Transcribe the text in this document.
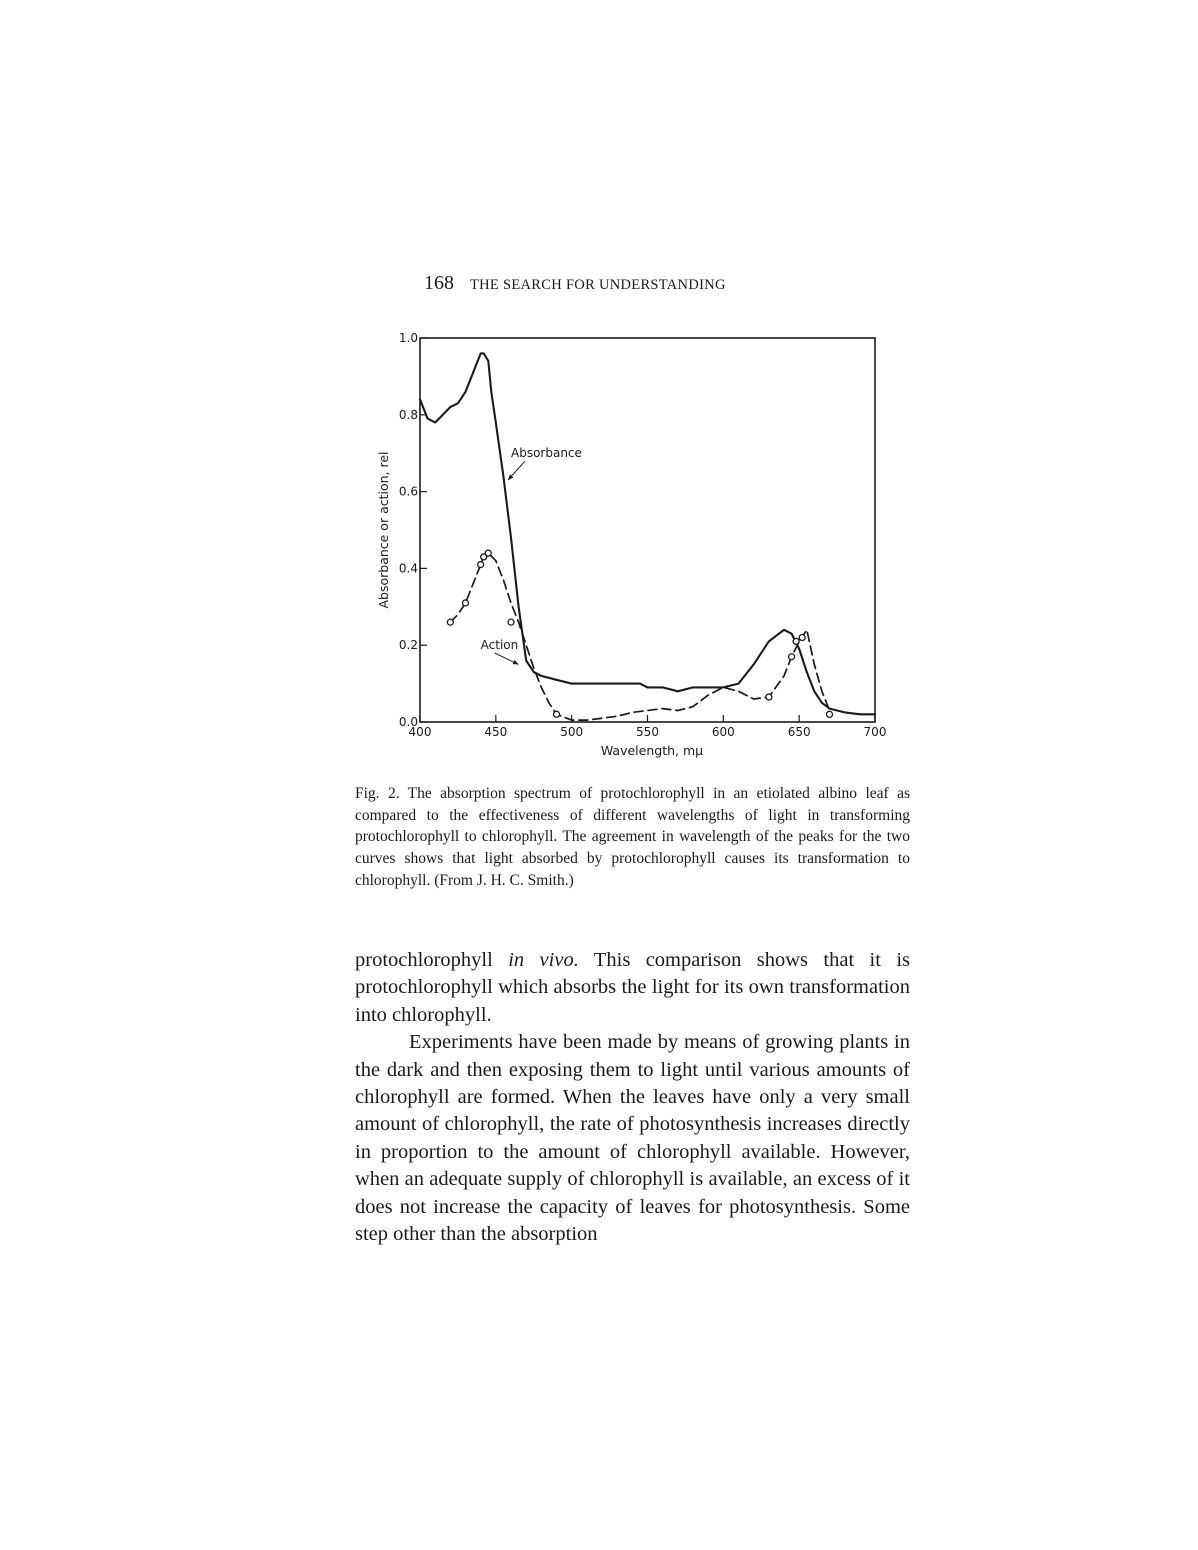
168 THE SEARCH FOR UNDERSTANDING
400	450	500	550	600	650	700
0.0
0.2
0.4
0.6
0.8
1.0
Absorbance
Action
Wavelength, mμ
Absorbance or action, rel
Fig. 2. The absorption spectrum of protochlorophyll in an etiolated albino leaf as compared to the effectiveness of different wavelengths of light in transforming protochlorophyll to chlorophyll. The agreement in wavelength of the peaks for the two curves shows that light absorbed by protochlorophyll causes its transformation to chlorophyll. (From J. H. C. Smith.)

protochlorophyll in vivo. This comparison shows that it is protochlorophyll which absorbs the light for its own transformation into chlorophyll.

Experiments have been made by means of growing plants in the dark and then exposing them to light until various amounts of chlorophyll are formed. When the leaves have only a very small amount of chlorophyll, the rate of photosynthesis increases directly in proportion to the amount of chlorophyll available. However, when an adequate supply of chlorophyll is available, an excess of it does not increase the capacity of leaves for photosynthesis. Some step other than the absorption
